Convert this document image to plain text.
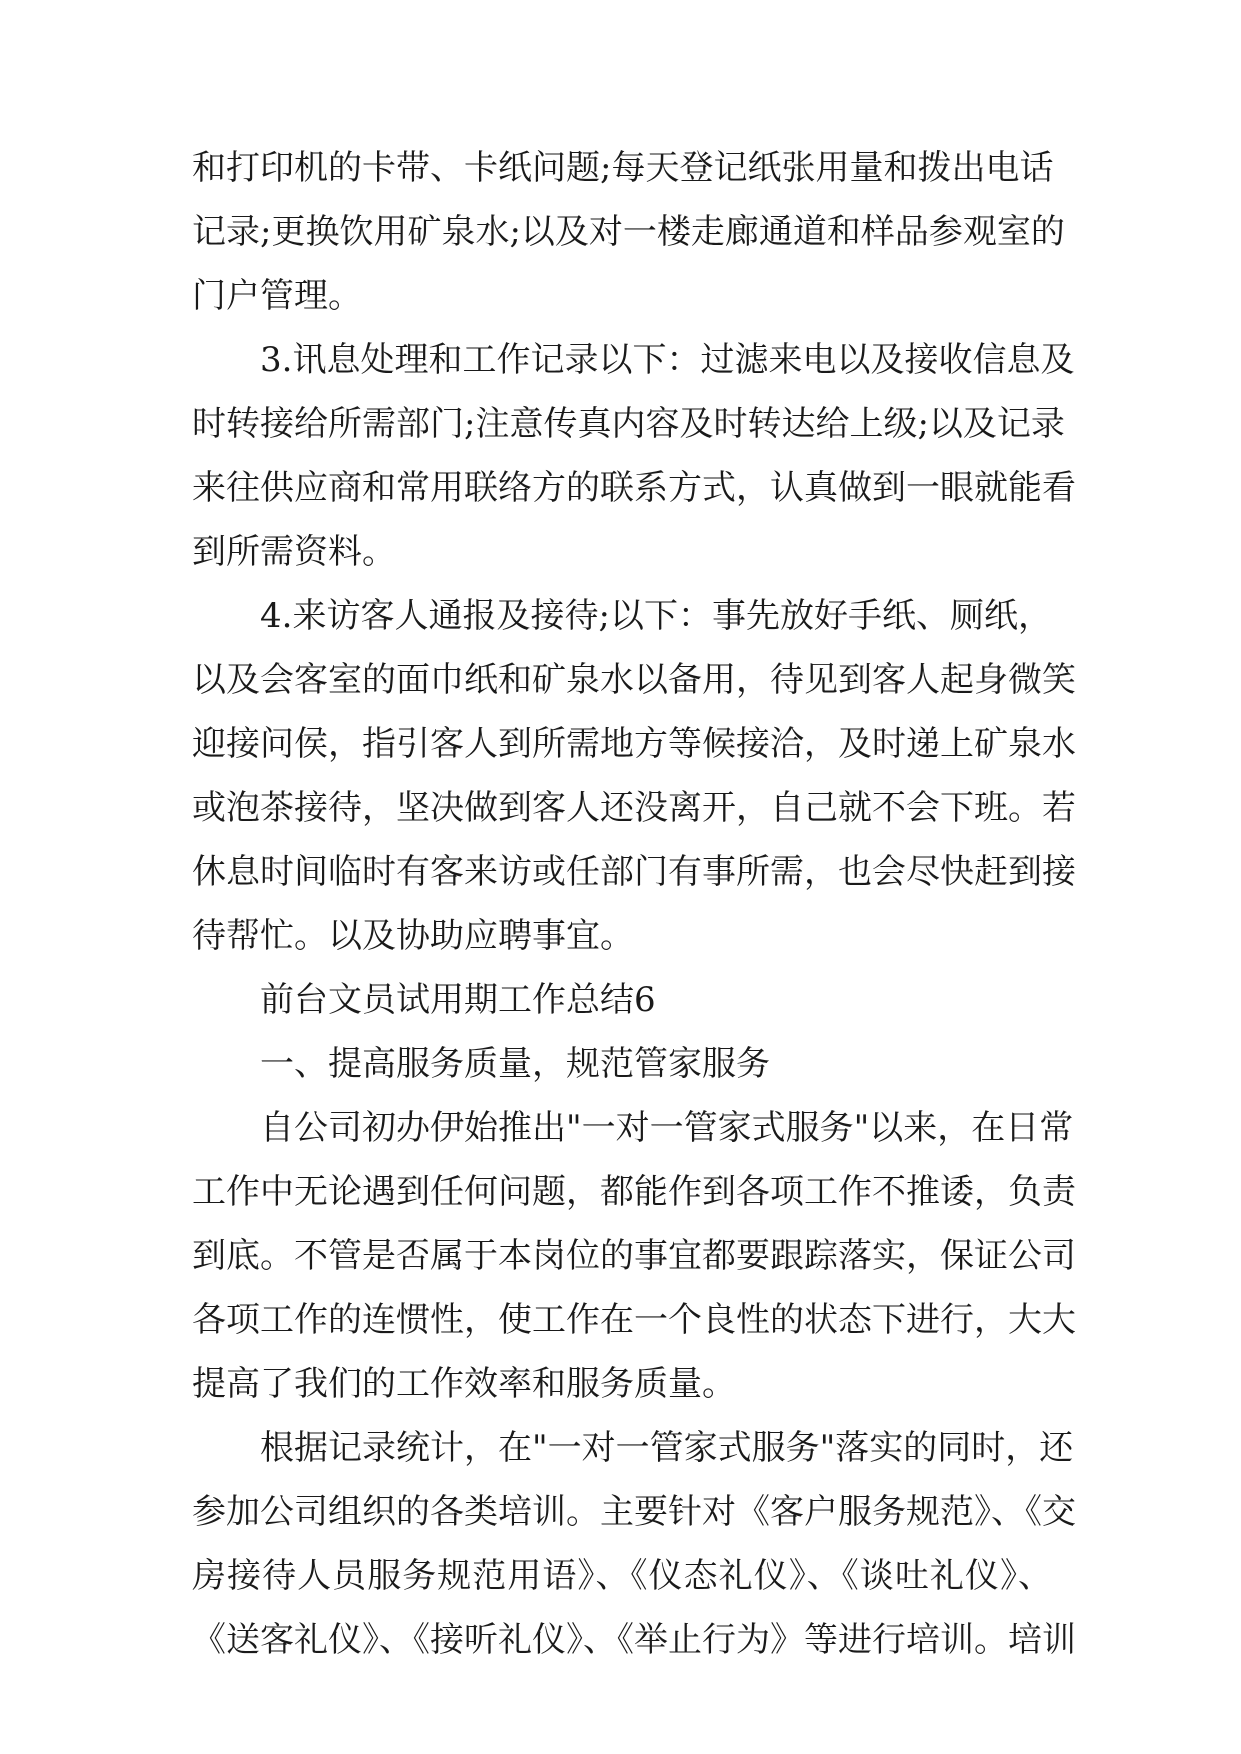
和打印机的卡带、卡纸问题;每天登记纸张用量和拨出电话
记录;更换饮用矿泉水;以及对一楼走廊通道和样品参观室的
门户管理。
3.讯息处理和工作记录以下：过滤来电以及接收信息及
时转接给所需部门;注意传真内容及时转达给上级;以及记录
来往供应商和常用联络方的联系方式，认真做到一眼就能看
到所需资料。
4.来访客人通报及接待;以下：事先放好手纸、厕纸，
以及会客室的面巾纸和矿泉水以备用，待见到客人起身微笑
迎接问侯，指引客人到所需地方等候接洽，及时递上矿泉水
或泡茶接待，坚决做到客人还没离开，自己就不会下班。若
休息时间临时有客来访或任部门有事所需，也会尽快赶到接
待帮忙。以及协助应聘事宜。
前台文员试用期工作总结6
一、提高服务质量，规范管家服务
自公司初办伊始推出"一对一管家式服务"以来，在日常
工作中无论遇到任何问题，都能作到各项工作不推诿，负责
到底。不管是否属于本岗位的事宜都要跟踪落实，保证公司
各项工作的连惯性，使工作在一个良性的状态下进行，大大
提高了我们的工作效率和服务质量。
根据记录统计，在"一对一管家式服务"落实的同时，还
参加公司组织的各类培训。主要针对《客户服务规范》、《交
房接待人员服务规范用语》、《仪态礼仪》、《谈吐礼仪》、
《送客礼仪》、《接听礼仪》、《举止行为》等进行培训。培训
